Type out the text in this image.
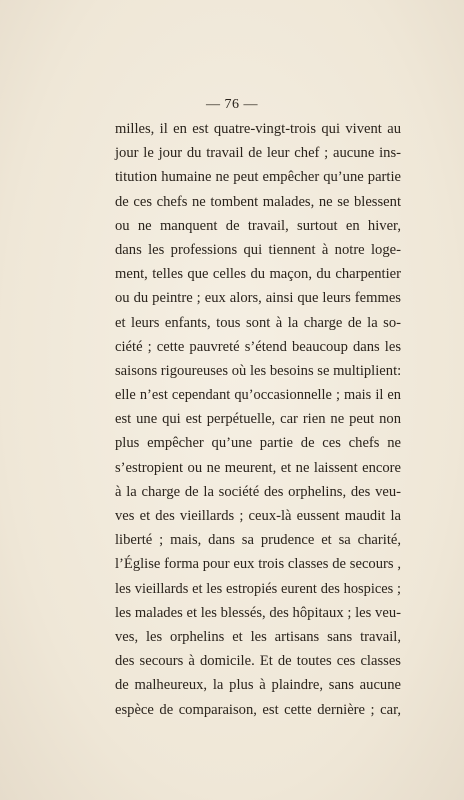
— 76 —
milles, il en est quatre-vingt-trois qui vivent au
jour le jour du travail de leur chef ; aucune ins-
titution humaine ne peut empêcher qu’une partie
de ces chefs ne tombent malades, ne se blessent
ou ne manquent de travail, surtout en hiver,
dans les professions qui tiennent à notre loge-
ment, telles que celles du maçon, du charpentier
ou du peintre ; eux alors, ainsi que leurs femmes
et leurs enfants, tous sont à la charge de la so-
ciété ; cette pauvreté s’étend beaucoup dans les
saisons rigoureuses où les besoins se multiplient:
elle n’est cependant qu’occasionnelle ; mais il en
est une qui est perpétuelle, car rien ne peut non
plus empêcher qu’une partie de ces chefs ne
s’estropient ou ne meurent, et ne laissent encore
à la charge de la société des orphelins, des veu-
ves et des vieillards ; ceux-là eussent maudit la
liberté ; mais, dans sa prudence et sa charité,
l’Église forma pour eux trois classes de secours ,
les vieillards et les estropiés eurent des hospices ;
les malades et les blessés, des hôpitaux ; les veu-
ves, les orphelins et les artisans sans travail,
des secours à domicile. Et de toutes ces classes
de malheureux, la plus à plaindre, sans aucune
espèce de comparaison, est cette dernière ; car,
